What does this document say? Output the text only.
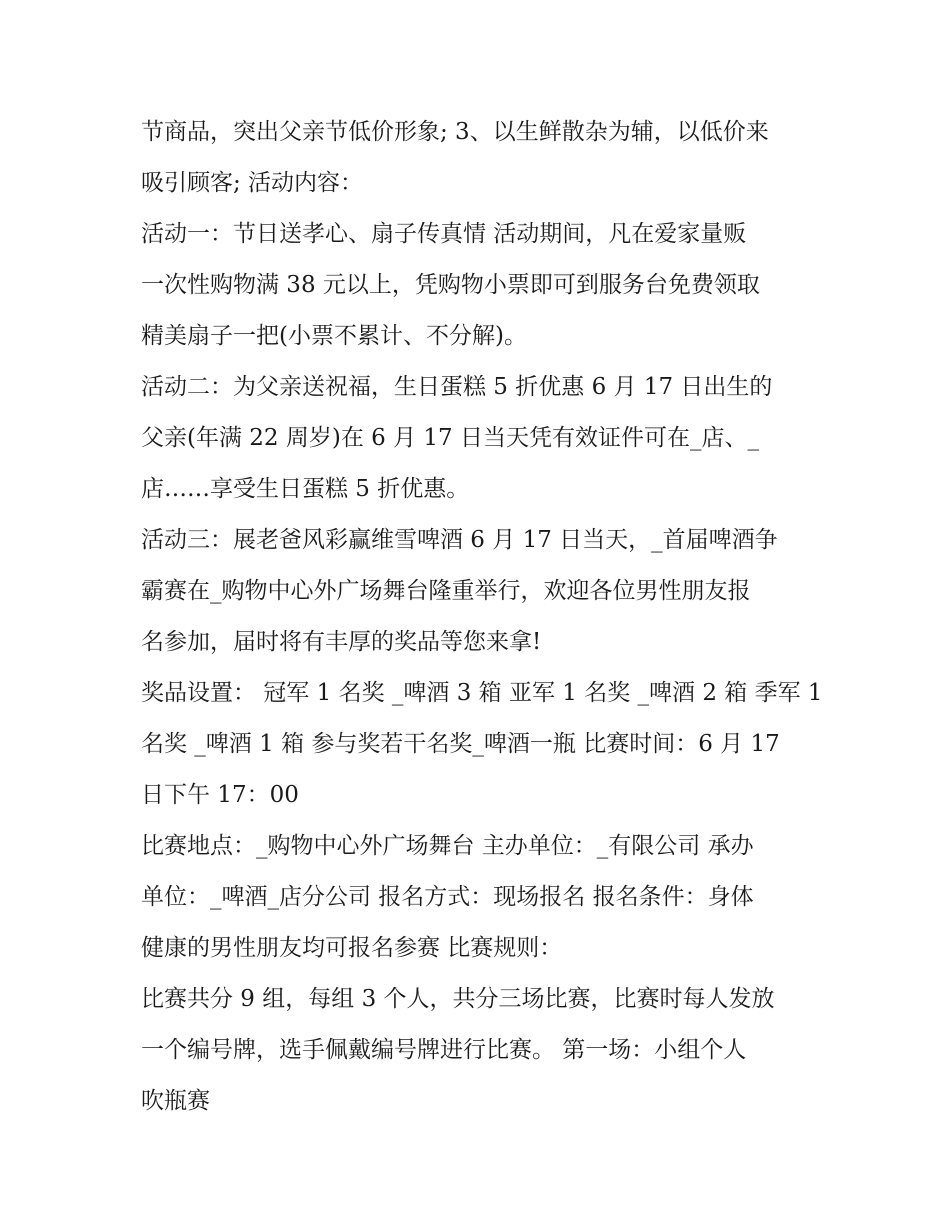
节商品，突出父亲节低价形象; 3、以生鲜散杂为辅，以低价来
吸引顾客; 活动内容：
活动一：节日送孝心、扇子传真情 活动期间，凡在爱家量贩
一次性购物满 38 元以上，凭购物小票即可到服务台免费领取
精美扇子一把(小票不累计、不分解)。
活动二：为父亲送祝福，生日蛋糕 5 折优惠 6 月 17 日出生的
父亲(年满 22 周岁)在 6 月 17 日当天凭有效证件可在_店、_
店……享受生日蛋糕 5 折优惠。
活动三：展老爸风彩赢维雪啤酒 6 月 17 日当天，_首届啤酒争
霸赛在_购物中心外广场舞台隆重举行，欢迎各位男性朋友报
名参加，届时将有丰厚的奖品等您来拿!
奖品设置： 冠军 1 名奖 _啤酒 3 箱 亚军 1 名奖 _啤酒 2 箱 季军 1
名奖 _啤酒 1 箱 参与奖若干名奖_啤酒一瓶 比赛时间：6 月 17
日下午 17：00
比赛地点：_购物中心外广场舞台 主办单位：_有限公司 承办
单位：_啤酒_店分公司 报名方式：现场报名 报名条件：身体
健康的男性朋友均可报名参赛 比赛规则：
比赛共分 9 组，每组 3 个人，共分三场比赛，比赛时每人发放
一个编号牌，选手佩戴编号牌进行比赛。 第一场：小组个人
吹瓶赛
